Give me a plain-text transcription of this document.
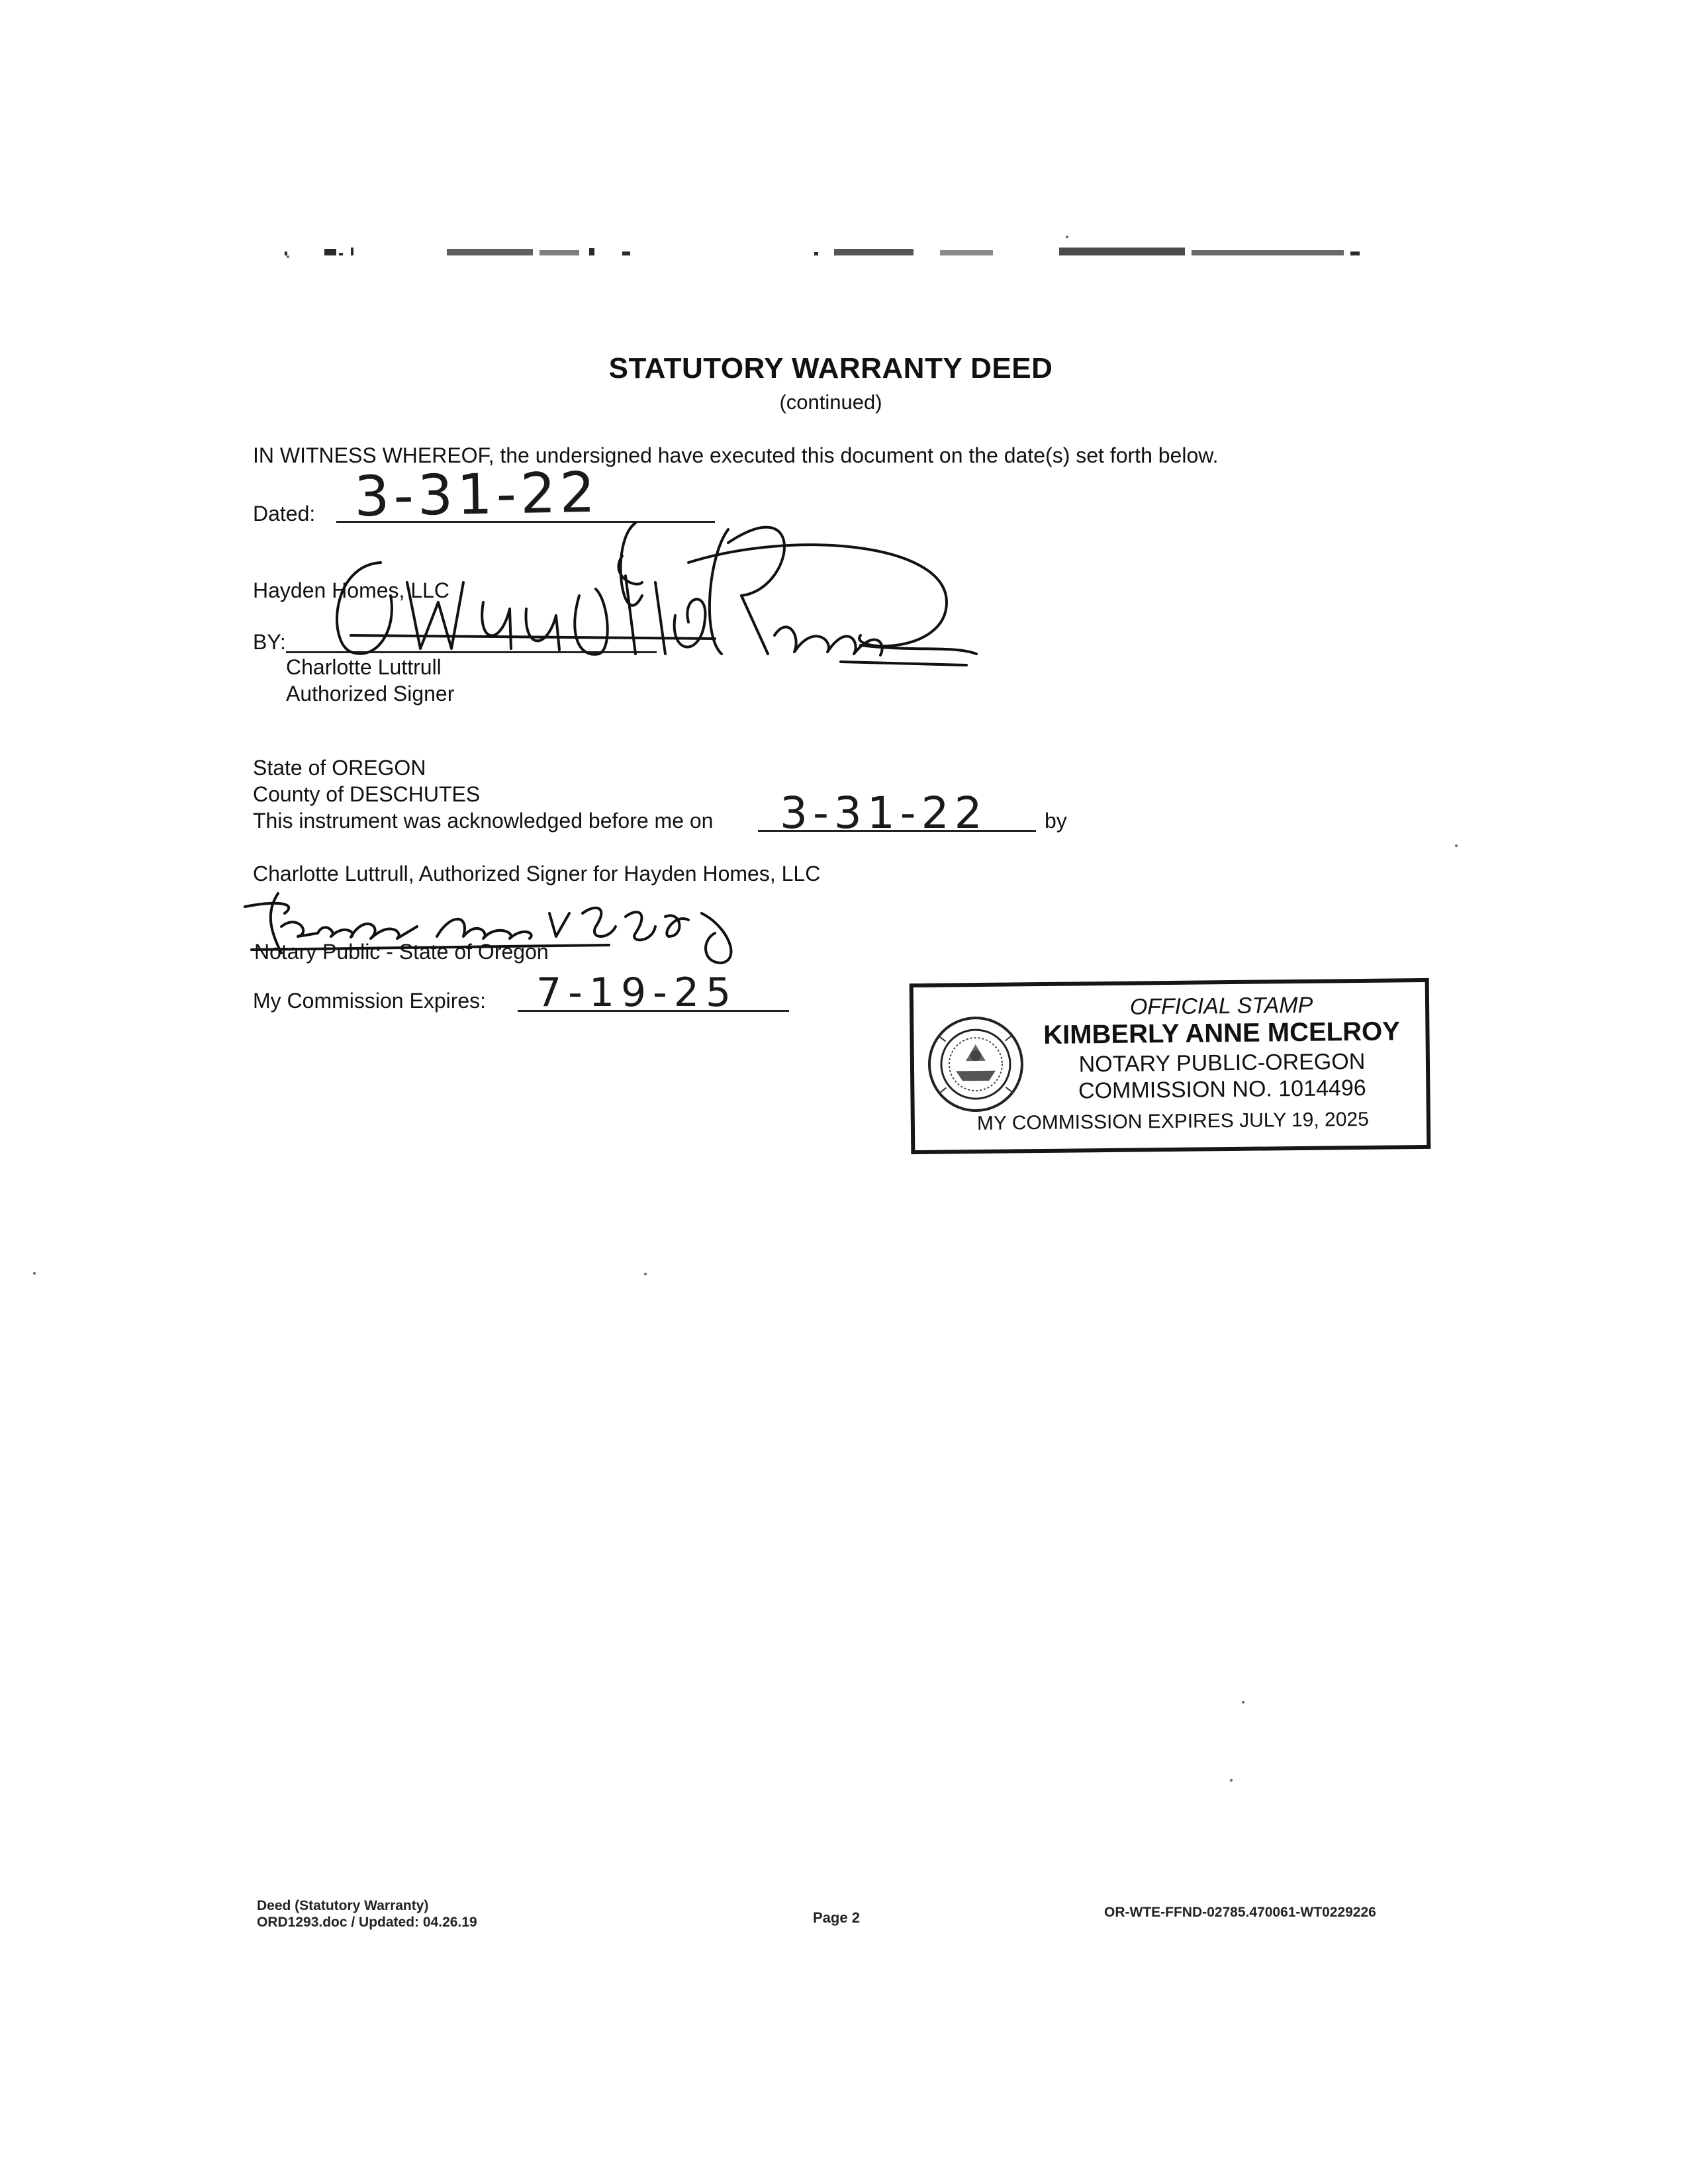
STATUTORY WARRANTY DEED
(continued)
IN WITNESS WHEREOF, the undersigned have executed this document on the date(s) set forth below.
Dated: 3-31-22
Hayden Homes, LLC
BY:
Charlotte Luttrull
Authorized Signer
State of OREGON
County of DESCHUTES
This instrument was acknowledged before me on 3-31-22	by
Charlotte Luttrull, Authorized Signer for Hayden Homes, LLC
Notary Public - State of Oregon
My Commission Expires: 7-19-25	OFFICIAL STAMP
KIMBERLY ANNE MCELROY
NOTARY PUBLIC-OREGON
COMMISSION NO. 1014496
MY COMMISSION EXPIRES JULY 19, 2025
Deed (Statutory Warranty)
ORD1293.doc / Updated: 04.26.19	Page 2	OR-WTE-FFND-02785.470061-WT0229226
